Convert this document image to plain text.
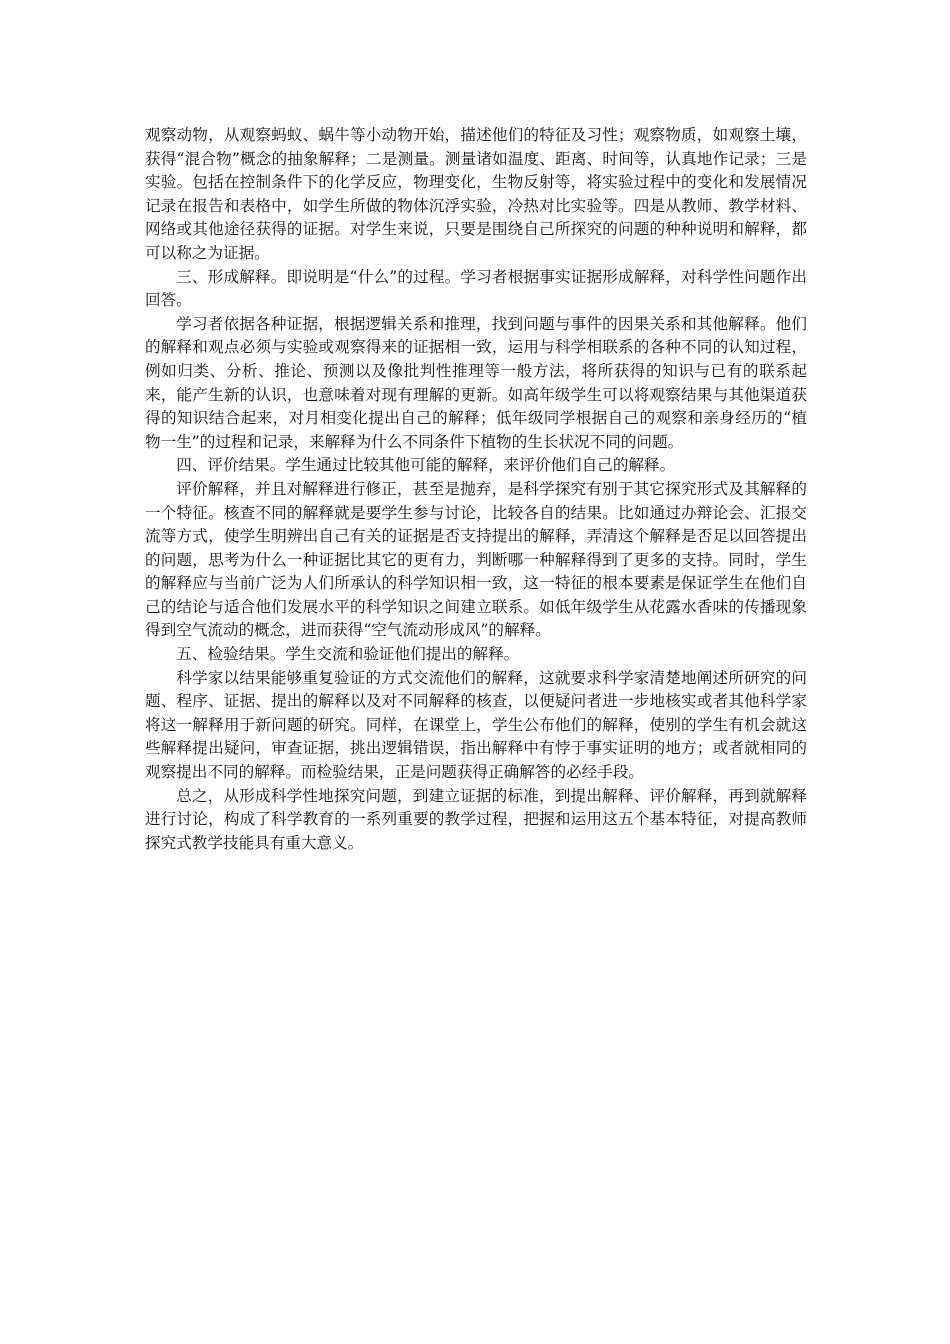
观察动物，从观察蚂蚁、蜗牛等小动物开始，描述他们的特征及习性；观察物质，如观察土壤，获得“混合物”概念的抽象解释；二是测量。测量诸如温度、距离、时间等，认真地作记录；三是实验。包括在控制条件下的化学反应，物理变化，生物反射等，将实验过程中的变化和发展情况记录在报告和表格中，如学生所做的物体沉浮实验，冷热对比实验等。四是从教师、教学材料、网络或其他途径获得的证据。对学生来说，只要是围绕自己所探究的问题的种种说明和解释，都可以称之为证据。

三、形成解释。即说明是“什么”的过程。学习者根据事实证据形成解释，对科学性问题作出回答。

学习者依据各种证据，根据逻辑关系和推理，找到问题与事件的因果关系和其他解释。他们的解释和观点必须与实验或观察得来的证据相一致，运用与科学相联系的各种不同的认知过程，例如归类、分析、推论、预测以及像批判性推理等一般方法，将所获得的知识与已有的联系起来，能产生新的认识，也意味着对现有理解的更新。如高年级学生可以将观察结果与其他渠道获得的知识结合起来，对月相变化提出自己的解释；低年级同学根据自己的观察和亲身经历的“植物一生”的过程和记录，来解释为什么不同条件下植物的生长状况不同的问题。

四、评价结果。学生通过比较其他可能的解释，来评价他们自己的解释。

评价解释，并且对解释进行修正，甚至是抛弃，是科学探究有别于其它探究形式及其解释的一个特征。核查不同的解释就是要学生参与讨论，比较各自的结果。比如通过办辩论会、汇报交流等方式，使学生明辨出自己有关的证据是否支持提出的解释，弄清这个解释是否足以回答提出的问题，思考为什么一种证据比其它的更有力，判断哪一种解释得到了更多的支持。同时，学生的解释应与当前广泛为人们所承认的科学知识相一致，这一特征的根本要素是保证学生在他们自己的结论与适合他们发展水平的科学知识之间建立联系。如低年级学生从花露水香味的传播现象得到空气流动的概念，进而获得“空气流动形成风”的解释。

五、检验结果。学生交流和验证他们提出的解释。

科学家以结果能够重复验证的方式交流他们的解释，这就要求科学家清楚地阐述所研究的问题、程序、证据、提出的解释以及对不同解释的核查，以便疑问者进一步地核实或者其他科学家将这一解释用于新问题的研究。同样，在课堂上，学生公布他们的解释，使别的学生有机会就这些解释提出疑问，审查证据，挑出逻辑错误，指出解释中有悖于事实证明的地方；或者就相同的观察提出不同的解释。而检验结果，正是问题获得正确解答的必经手段。

总之，从形成科学性地探究问题，到建立证据的标准，到提出解释、评价解释，再到就解释进行讨论，构成了科学教育的一系列重要的教学过程，把握和运用这五个基本特征，对提高教师探究式教学技能具有重大意义。
